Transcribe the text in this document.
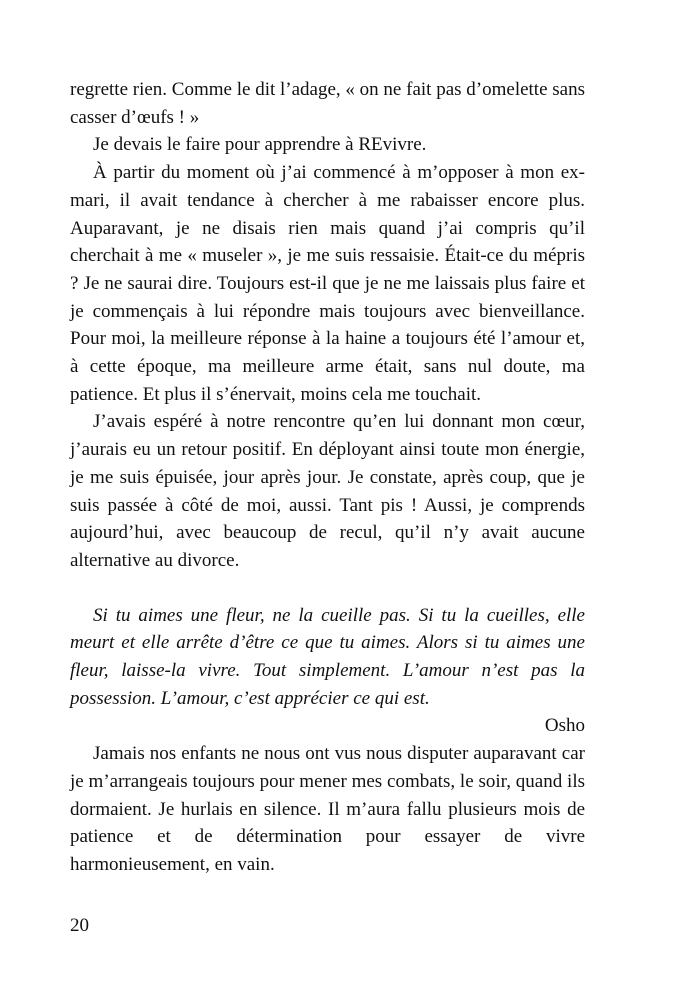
regrette rien. Comme le dit l’adage, « on ne fait pas d’omelette sans casser d’œufs ! »

Je devais le faire pour apprendre à REvivre.

À partir du moment où j’ai commencé à m’opposer à mon ex-mari, il avait tendance à chercher à me rabaisser encore plus. Auparavant, je ne disais rien mais quand j’ai compris qu’il cherchait à me « museler », je me suis ressaisie. Était-ce du mépris ? Je ne saurai dire. Toujours est-il que je ne me laissais plus faire et je commençais à lui répondre mais toujours avec bienveillance. Pour moi, la meilleure réponse à la haine a toujours été l’amour et, à cette époque, ma meilleure arme était, sans nul doute, ma patience. Et plus il s’énervait, moins cela me touchait.

J’avais espéré à notre rencontre qu’en lui donnant mon cœur, j’aurais eu un retour positif. En déployant ainsi toute mon énergie, je me suis épuisée, jour après jour. Je constate, après coup, que je suis passée à côté de moi, aussi. Tant pis ! Aussi, je comprends aujourd’hui, avec beaucoup de recul, qu’il n’y avait aucune alternative au divorce.

Si tu aimes une fleur, ne la cueille pas. Si tu la cueilles, elle meurt et elle arrête d’être ce que tu aimes. Alors si tu aimes une fleur, laisse-la vivre. Tout simplement. L’amour n’est pas la possession. L’amour, c’est apprécier ce qui est.

Osho

Jamais nos enfants ne nous ont vus nous disputer auparavant car je m’arrangeais toujours pour mener mes combats, le soir, quand ils dormaient. Je hurlais en silence. Il m’aura fallu plusieurs mois de patience et de détermination pour essayer de vivre harmonieusement, en vain.

20
